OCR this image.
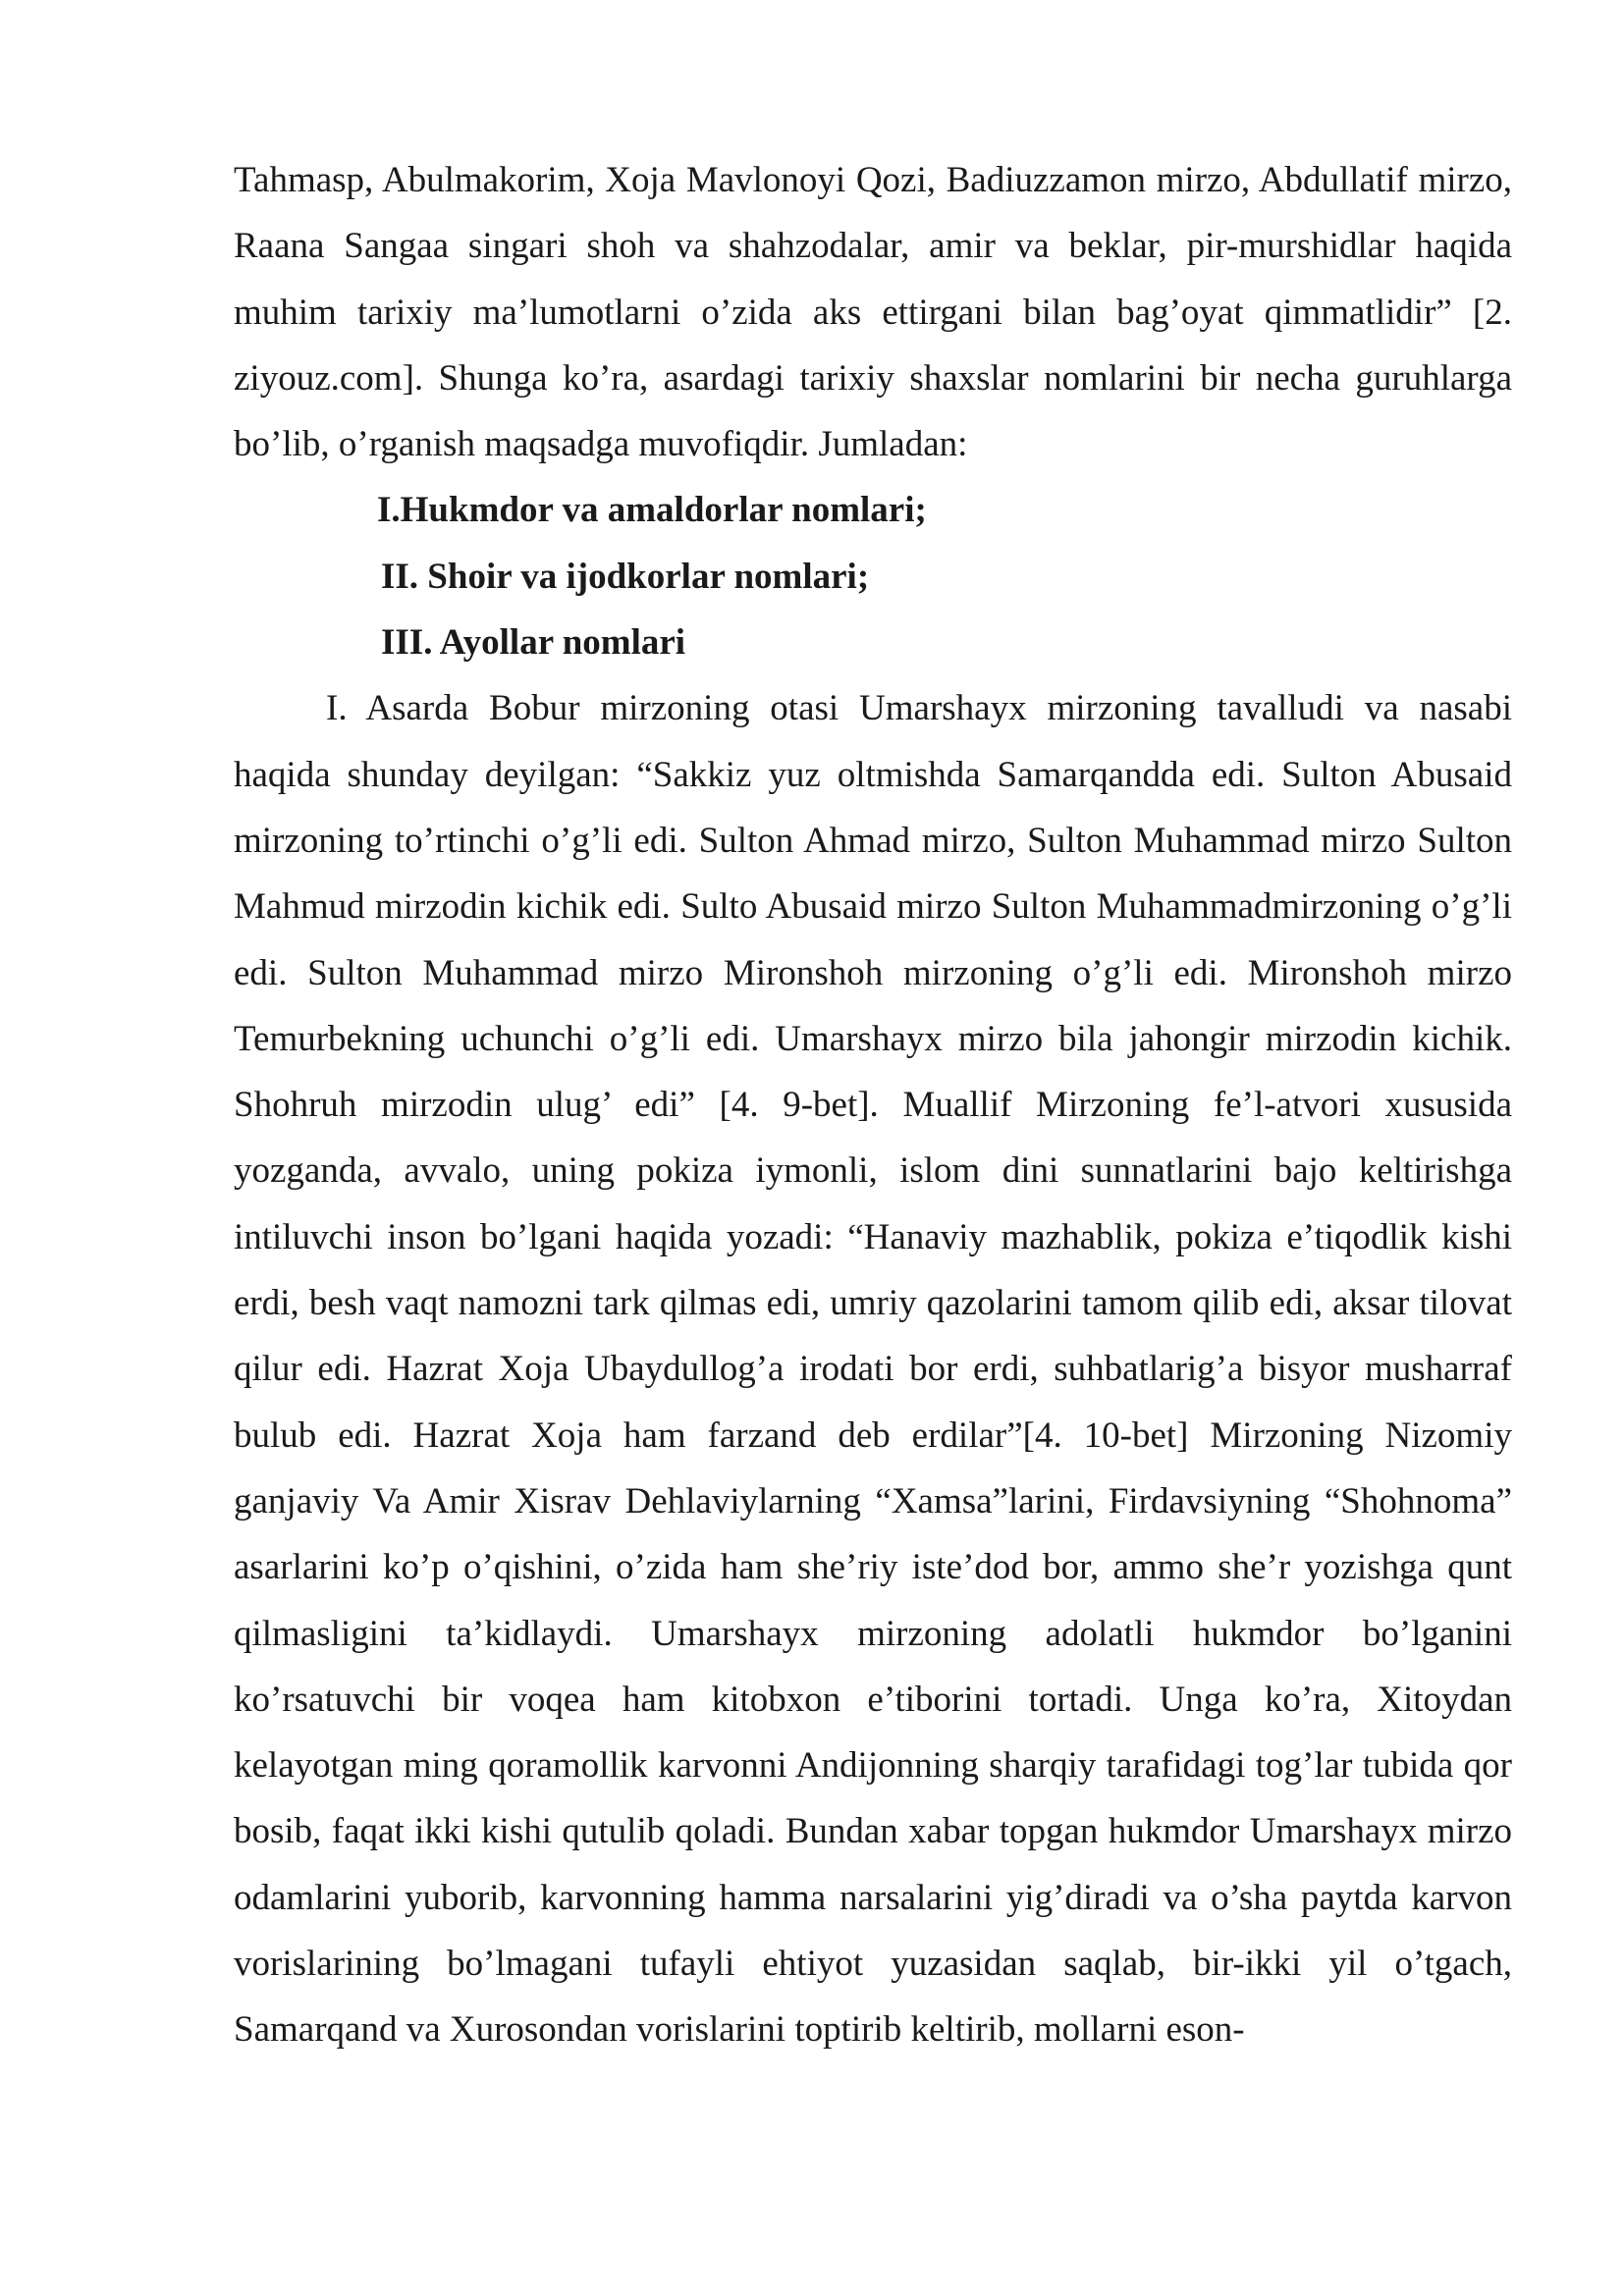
Tahmasp, Abulmakorim, Xoja Mavlonoyi Qozi, Badiuzzamon mirzo, Abdullatif mirzo, Raana Sangaa singari shoh va shahzodalar, amir va beklar, pir-murshidlar haqida muhim tarixiy ma’lumotlarni o’zida aks ettirgani bilan bag’oyat qimmatlidir” [2. ziyouz.com]. Shunga ko’ra, asardagi tarixiy shaxslar nomlarini bir necha guruhlarga bo’lib, o’rganish maqsadga muvofiqdir. Jumladan:

I.Hukmdor va amaldorlar nomlari;

II. Shoir va ijodkorlar nomlari;

III. Ayollar nomlari

I. Asarda Bobur mirzoning otasi Umarshayx mirzoning tavalludi va nasabi haqida shunday deyilgan: “Sakkiz yuz oltmishda Samarqandda edi. Sulton Abusaid mirzoning to’rtinchi o’g’li edi. Sulton Ahmad mirzo, Sulton Muhammad mirzo Sulton Mahmud mirzodin kichik edi. Sulto Abusaid mirzo Sulton Muhammadmirzoning o’g’li edi. Sulton Muhammad mirzo Mironshoh mirzoning o’g’li edi. Mironshoh mirzo Temurbekning uchunchi o’g’li edi. Umarshayx mirzo bila jahongir mirzodin kichik. Shohruh mirzodin ulug’ edi” [4. 9-bet]. Muallif Mirzoning fe’l-atvori xususida yozganda, avvalo, uning pokiza iymonli, islom dini sunnatlarini bajo keltirishga intiluvchi inson bo’lgani haqida yozadi: “Hanaviy mazhablik, pokiza e’tiqodlik kishi erdi, besh vaqt namozni tark qilmas edi, umriy qazolarini tamom qilib edi, aksar tilovat qilur edi. Hazrat Xoja Ubaydullog’a irodati bor erdi, suhbatlarig’a bisyor musharraf bulub edi. Hazrat Xoja ham farzand deb erdilar”[4. 10-bet] Mirzoning Nizomiy ganjaviy Va Amir Xisrav Dehlaviylarning “Xamsa”larini, Firdavsiyning “Shohnoma” asarlarini ko’p o’qishini, o’zida ham she’riy iste’dod bor, ammo she’r yozishga qunt qilmasligini ta’kidlaydi. Umarshayx mirzoning adolatli hukmdor bo’lganini ko’rsatuvchi bir voqea ham kitobxon e’tiborini tortadi. Unga ko’ra, Xitoydan kelayotgan ming qoramollik karvonni Andijonning sharqiy tarafidagi tog’lar tubida qor bosib, faqat ikki kishi qutulib qoladi. Bundan xabar topgan hukmdor Umarshayx mirzo odamlarini yuborib, karvonning hamma narsalarini yig’diradi va o’sha paytda karvon vorislarining bo’lmagani tufayli ehtiyot yuzasidan saqlab, bir-ikki yil o’tgach, Samarqand va Xurosondan vorislarini toptirib keltirib, mollarni eson-
